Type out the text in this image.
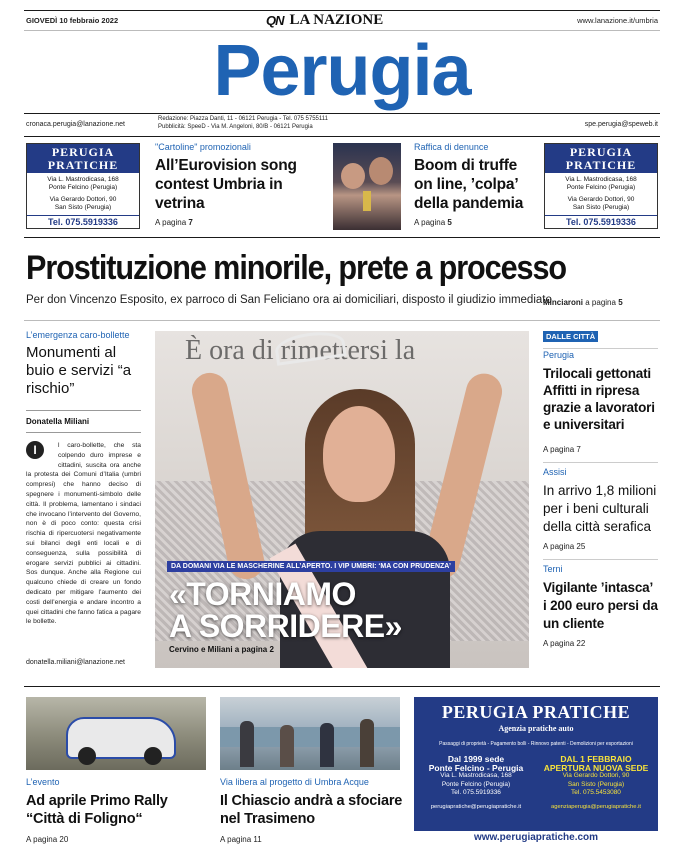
GIOVEDÌ 10 febbraio 2022	QN LA NAZIONE	www.lanazione.it/umbria
Perugia
cronaca.perugia@lanazione.net
Redazione: Piazza Danti, 11 - 06121 Perugia - Tel. 075 5755111
Pubblicità: SpeeD - Via M. Angeloni, 80/B - 06121 Perugia	spe.perugia@speweb.it
PERUGIA
PRATICHE
Via L. Mastrodicasa, 168
Ponte Felcino (Perugia)
Via Gerardo Dottori, 90
San Sisto (Perugia)
Tel. 075.5919336
"Cartoline" promozionali
All’Eurovision song contest Umbria in vetrina
A pagina 7
Raffica di denunce
Boom di truffe on line, ’colpa’ della pandemia
A pagina 5
PERUGIA
PRATICHE
Via L. Mastrodicasa, 168
Ponte Felcino (Perugia)
Via Gerardo Dottori, 90
San Sisto (Perugia)
Tel. 075.5919336
Prostituzione minorile, prete a processo
Per don Vincenzo Esposito, ex parroco di San Feliciano ora ai domiciliari, disposto il giudizio immediato
Minciaroni a pagina 5
L’emergenza caro-bollette
Monumenti al buio e servizi “a rischio”
Donatella Miliani
I	l caro-bollette, che sta colpendo duro imprese e cittadini, suscita ora anche la protesta dei Comuni d’Italia (umbri compresi) che hanno deciso di spegnere i monumenti-simbolo delle città. Il problema, lamentano i sindaci che invocano l’intervento del Governo, non è di poco conto: questa crisi rischia di ripercuotersi negativamente sui bilanci degli enti locali e di conseguenza, sulla possibilità di erogare servizi pubblici ai cittadini. Sos dunque. Anche alla Regione cui qualcuno chiede di creare un fondo dedicato per mitigare l’aumento dei costi dell’energia e andare incontro a quei cittadini che fanno fatica a pagare le bollette.
donatella.miliani@lanazione.net
È ora di rimettersi la
DA DOMANI VIA LE MASCHERINE ALL’APERTO. I VIP UMBRI: ‘MA CON PRUDENZA’
«TORNIAMO
A SORRIDERE»
Cervino e Miliani a pagina 2
DALLE CITTÀ
Perugia
Trilocali gettonati Affitti in ripresa grazie a lavoratori e universitari
A pagina 7
Assisi
In arrivo 1,8 milioni per i beni culturali della città serafica
A pagina 25
Terni
Vigilante ’intasca’ i 200 euro persi da un cliente
A pagina 22
L’evento
Ad aprile Primo Rally “Città di Foligno“
A pagina 20
Via libera al progetto di Umbra Acque
Il Chiascio andrà a sfociare nel Trasimeno
A pagina 11
PERUGIA PRATICHE
Agenzia pratiche auto
Passaggi di proprietà - Pagamento bolli - Rinnovo patenti - Demolizioni per esportazioni
Dal 1999 sede
Ponte Felcino - Perugia
Via L. Mastrodicasa, 168
Ponte Felcino (Perugia)
Tel. 075.5919336
perugiapratiche@perugiapratiche.it
DAL 1 FEBBRAIO
APERTURA NUOVA SEDE
Via Gerardo Dottori, 90
San Sisto (Perugia)
Tel. 075.5453080
agenziaperugia@perugiapratiche.it
www.perugiapratiche.com
